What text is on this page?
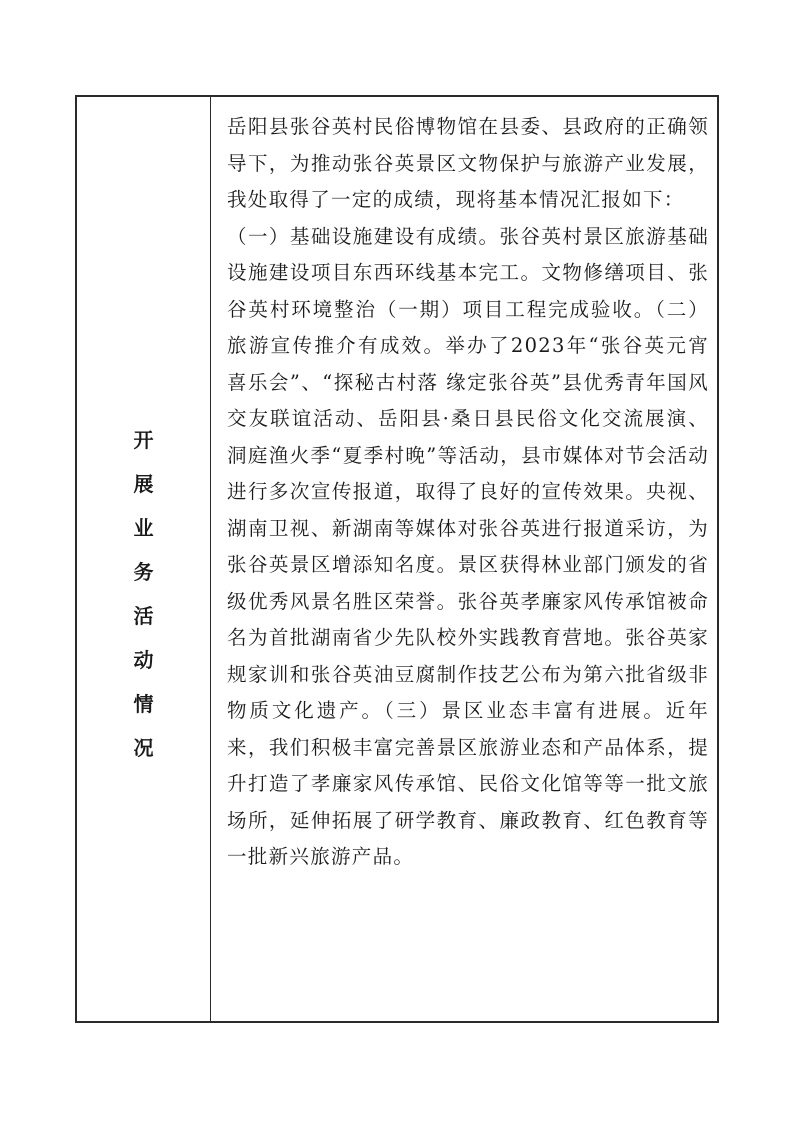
开
展
业
务
活
动
情
况

岳阳县张谷英村民俗博物馆在县委、县政府的正确领导下，为推动张谷英景区文物保护与旅游产业发展，我处取得了一定的成绩，现将基本情况汇报如下：

（一）基础设施建设有成绩。张谷英村景区旅游基础设施建设项目东西环线基本完工。文物修缮项目、张谷英村环境整治（一期）项目工程完成验收。（二）旅游宣传推介有成效。举办了2023年“张谷英元宵喜乐会”、“探秘古村落 缘定张谷英”县优秀青年国风交友联谊活动、岳阳县·桑日县民俗文化交流展演、洞庭渔火季“夏季村晚”等活动，县市媒体对节会活动进行多次宣传报道，取得了良好的宣传效果。央视、湖南卫视、新湖南等媒体对张谷英进行报道采访，为张谷英景区增添知名度。景区获得林业部门颁发的省级优秀风景名胜区荣誉。张谷英孝廉家风传承馆被命名为首批湖南省少先队校外实践教育营地。张谷英家规家训和张谷英油豆腐制作技艺公布为第六批省级非物质文化遗产。（三）景区业态丰富有进展。近年来，我们积极丰富完善景区旅游业态和产品体系，提升打造了孝廉家风传承馆、民俗文化馆等等一批文旅场所，延伸拓展了研学教育、廉政教育、红色教育等一批新兴旅游产品。
